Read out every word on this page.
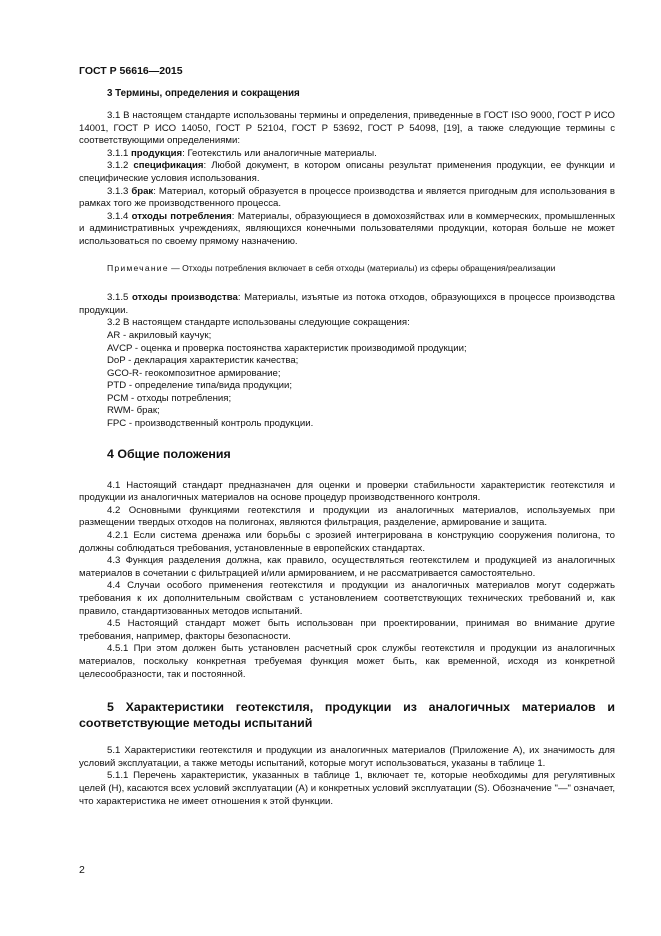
ГОСТ Р 56616—2015
3 Термины, определения и сокращения

3.1 В настоящем стандарте использованы термины и определения, приведенные в ГОСТ ISO 9000, ГОСТ Р ИСО 14001, ГОСТ Р ИСО 14050, ГОСТ Р 52104, ГОСТ Р 53692, ГОСТ Р 54098, [19], а также следующие термины с соответствующими определениями:

3.1.1 продукция: Геотекстиль или аналогичные материалы.

3.1.2 спецификация: Любой документ, в котором описаны результат применения продукции, ее функции и специфические условия использования.

3.1.3 брак: Материал, который образуется в процессе производства и является пригодным для использования в рамках того же производственного процесса.

3.1.4 отходы потребления: Материалы, образующиеся в домохозяйствах или в коммерческих, промышленных и административных учреждениях, являющихся конечными пользователями продукции, которая больше не может использоваться по своему прямому назначению.

Примечание — Отходы потребления включает в себя отходы (материалы) из сферы обращения/реализации

3.1.5 отходы производства: Материалы, изъятые из потока отходов, образующихся в процессе производства продукции.

3.2 В настоящем стандарте использованы следующие сокращения:

AR - акриловый каучук;
AVCP - оценка и проверка постоянства характеристик производимой продукции;
DoP - декларация характеристик качества;
GCO-R- геокомпозитное армирование;
PTD - определение типа/вида продукции;
PCM - отходы потребления;
RWM- брак;
FPC - производственный контроль продукции.
4 Общие положения

4.1 Настоящий стандарт предназначен для оценки и проверки стабильности характеристик геотекстиля и продукции из аналогичных материалов на основе процедур производственного контроля.

4.2 Основными функциями геотекстиля и продукции из аналогичных материалов, используемых при размещении твердых отходов на полигонах, являются фильтрация, разделение, армирование и защита.

4.2.1 Если система дренажа или борьбы с эрозией интегрирована в конструкцию сооружения полигона, то должны соблюдаться требования, установленные в европейских стандартах.

4.3 Функция разделения должна, как правило, осуществляться геотекстилем и продукцией из аналогичных материалов в сочетании с фильтрацией и/или армированием, и не рассматривается самостоятельно.

4.4 Случаи особого применения геотекстиля и продукции из аналогичных материалов могут содержать требования к их дополнительным свойствам с установлением соответствующих технических требований и, как правило, стандартизованных методов испытаний.

4.5 Настоящий стандарт может быть использован при проектировании, принимая во внимание другие требования, например, факторы безопасности.

4.5.1 При этом должен быть установлен расчетный срок службы геотекстиля и продукции из аналогичных материалов, поскольку конкретная требуемая функция может быть, как временной, исходя из конкретной целесообразности, так и постоянной.

5 Характеристики геотекстиля, продукции из аналогичных материалов и соответствующие методы испытаний

5.1 Характеристики геотекстиля и продукции из аналогичных материалов (Приложение А), их значимость для условий эксплуатации, а также методы испытаний, которые могут использоваться, указаны в таблице 1.

5.1.1 Перечень характеристик, указанных в таблице 1, включает те, которые необходимы для регулятивных целей (Н), касаются всех условий эксплуатации (А) и конкретных условий эксплуатации (S). Обозначение "—" означает, что характеристика не имеет отношения к этой функции.

2
